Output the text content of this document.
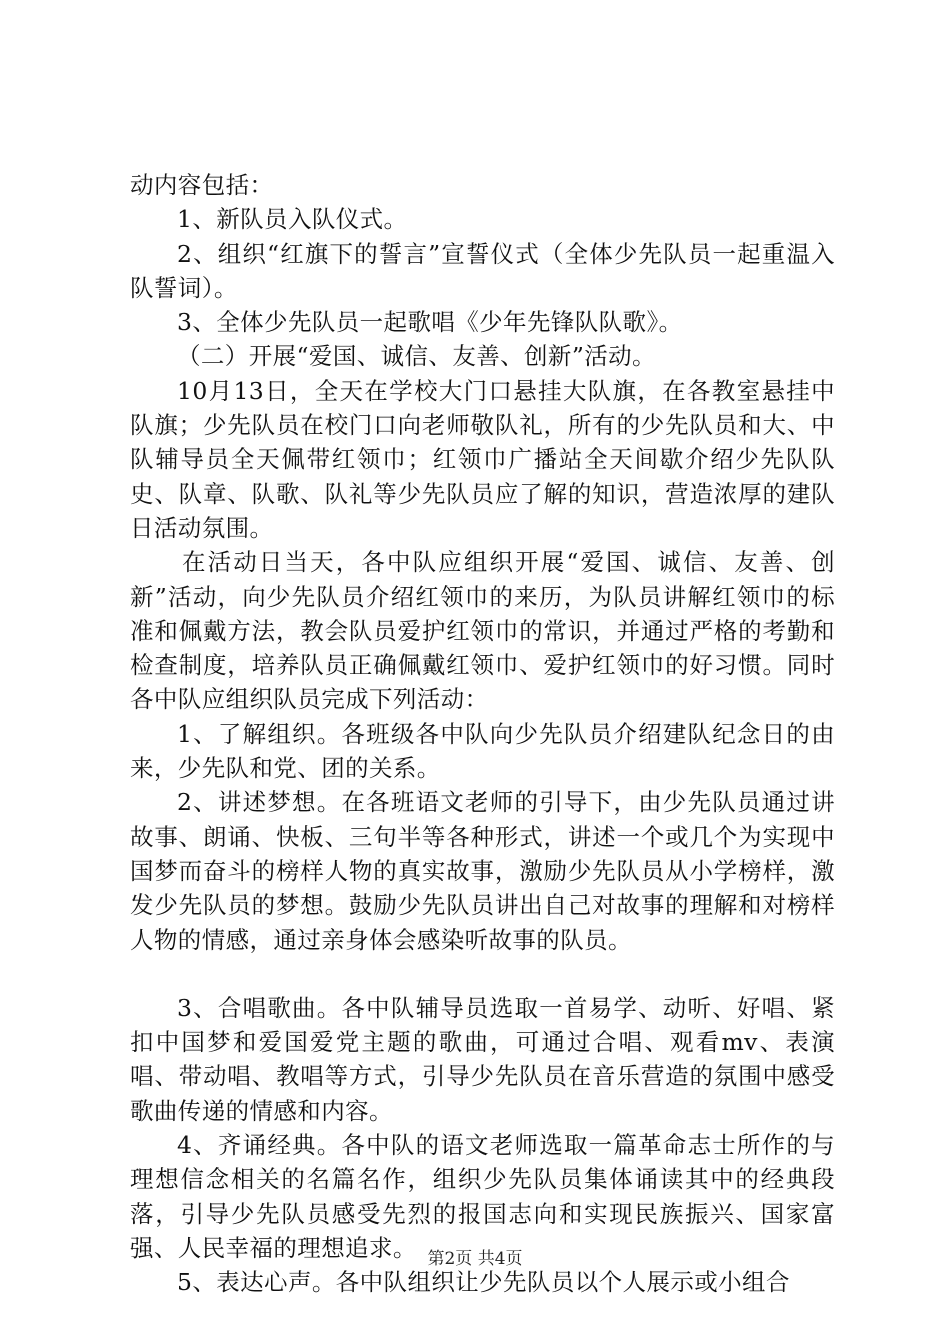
动内容包括：

1、新队员入队仪式。

2、组织“红旗下的誓言”宣誓仪式（全体少先队员一起重温入队誓词）。

3、全体少先队员一起歌唱《少年先锋队队歌》。

（二）开展“爱国、诚信、友善、创新”活动。

10月13日，全天在学校大门口悬挂大队旗，在各教室悬挂中队旗；少先队员在校门口向老师敬队礼，所有的少先队员和大、中队辅导员全天佩带红领巾；红领巾广播站全天间歇介绍少先队队史、队章、队歌、队礼等少先队员应了解的知识，营造浓厚的建队日活动氛围。

在活动日当天，各中队应组织开展“爱国、诚信、友善、创新”活动，向少先队员介绍红领巾的来历，为队员讲解红领巾的标准和佩戴方法，教会队员爱护红领巾的常识，并通过严格的考勤和检查制度，培养队员正确佩戴红领巾、爱护红领巾的好习惯。同时各中队应组织队员完成下列活动：

1、了解组织。各班级各中队向少先队员介绍建队纪念日的由来，少先队和党、团的关系。

2、讲述梦想。在各班语文老师的引导下，由少先队员通过讲故事、朗诵、快板、三句半等各种形式，讲述一个或几个为实现中国梦而奋斗的榜样人物的真实故事，激励少先队员从小学榜样，激发少先队员的梦想。鼓励少先队员讲出自己对故事的理解和对榜样人物的情感，通过亲身体会感染听故事的队员。

3、合唱歌曲。各中队辅导员选取一首易学、动听、好唱、紧扣中国梦和爱国爱党主题的歌曲，可通过合唱、观看mv、表演唱、带动唱、教唱等方式，引导少先队员在音乐营造的氛围中感受歌曲传递的情感和内容。

4、齐诵经典。各中队的语文老师选取一篇革命志士所作的与理想信念相关的名篇名作，组织少先队员集体诵读其中的经典段落，引导少先队员感受先烈的报国志向和实现民族振兴、国家富强、人民幸福的理想追求。

5、表达心声。各中队组织让少先队员以个人展示或小组合

第2页 共4页
